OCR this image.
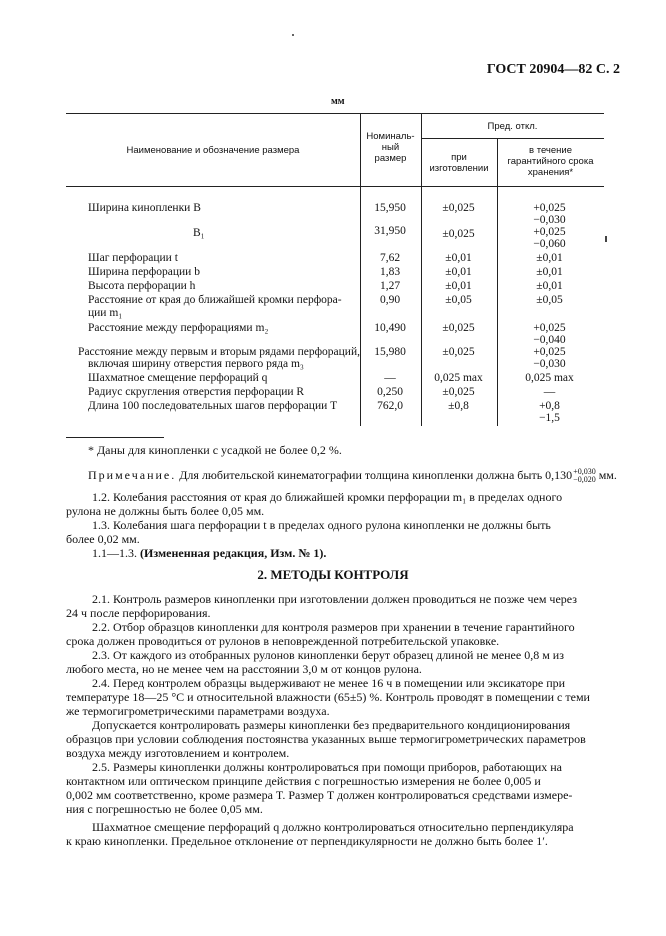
ГОСТ 20904—82 С. 2
мм
Наименование и обозначение размера
Номиналь-
ный
размер
Пред. откл.
при
изготовлении
в течение
гарантийного срока
хранения*
Ширина кинопленки B	15,950	±0,025	+0,025
−0,030
B₁	31,950	±0,025	+0,025
−0,060
Шаг перфорации t	7,62	±0,01	±0,01
Ширина перфорации b	1,83	±0,01	±0,01
Высота перфорации h	1,27	±0,01	±0,01
Расстояние от края до ближайшей кромки перфора-
ции m₁
0,90	±0,05	±0,05
Расстояние между перфорациями m₂	10,490	±0,025	+0,025
−0,040
Расстояние между первым и вторым рядами перфораций,
включая ширину отверстия первого ряда m₃
15,980	±0,025	+0,025
−0,030
Шахматное смещение перфораций q	—	0,025 max	0,025 max
Радиус скругления отверстия перфорации R	0,250	±0,025	—
Длина 100 последовательных шагов перфорации T	762,0	±0,8	+0,8
−1,5
* Даны для кинопленки с усадкой не более 0,2 %.
Примечание. Для любительской кинематографии толщина кинопленки должна быть 0,130 +0,030
−0,020 мм.
1.2. Колебания расстояния от края до ближайшей кромки перфорации m₁ в пределах одного
рулона не должны быть более 0,05 мм.
1.3. Колебания шага перфорации t в пределах одного рулона кинопленки не должны быть
более 0,02 мм.
1.1—1.3. (Измененная редакция, Изм. № 1).
2. МЕТОДЫ КОНТРОЛЯ
2.1. Контроль размеров кинопленки при изготовлении должен проводиться не позже чем через
24 ч после перфорирования.
2.2. Отбор образцов кинопленки для контроля размеров при хранении в течение гарантийного
срока должен проводиться от рулонов в неповрежденной потребительской упаковке.
2.3. От каждого из отобранных рулонов кинопленки берут образец длиной не менее 0,8 м из
любого места, но не менее чем на расстоянии 3,0 м от концов рулона.
2.4. Перед контролем образцы выдерживают не менее 16 ч в помещении или эксикаторе при
температуре 18—25 °С и относительной влажности (65±5) %. Контроль проводят в помещении с теми
же термогигрометрическими параметрами воздуха.
Допускается контролировать размеры кинопленки без предварительного кондиционирования
образцов при условии соблюдения постоянства указанных выше термогигрометрических параметров
воздуха между изготовлением и контролем.
2.5. Размеры кинопленки должны контролироваться при помощи приборов, работающих на
контактном или оптическом принципе действия с погрешностью измерения не более 0,005 и
0,002 мм соответственно, кроме размера T. Размер T должен контролироваться средствами измере-
ния с погрешностью не более 0,05 мм.
Шахматное смещение перфораций q должно контролироваться относительно перпендикуляра
к краю кинопленки. Предельное отклонение от перпендикулярности не должно быть более 1′.
